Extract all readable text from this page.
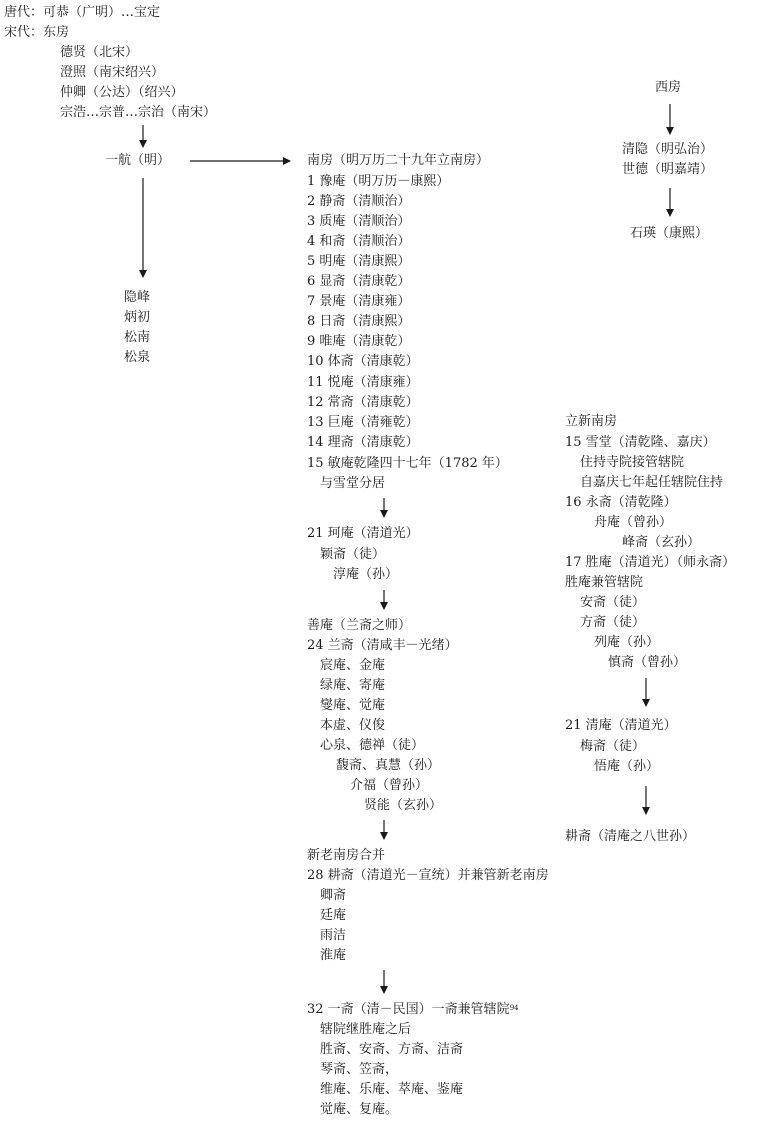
唐代：可恭（广明）…宝定
宋代：东房
德贤（北宋）
澄照（南宋绍兴）
仲卿（公达）（绍兴）
宗浩…宗普…宗治（南宋）
一航（明）
隐峰
炳初
松南
松泉
西房
清隐（明弘治）
世德（明嘉靖）
石瑛（康熙）
南房（明万历二十九年立南房）
1 豫庵（明万历－康熙）
2 静斋（清顺治）
3 质庵（清顺治）
4 和斋（清顺治）
5 明庵（清康熙）
6 显斋（清康乾）
7 景庵（清康雍）
8 日斋（清康熙）
9 唯庵（清康乾）
10 体斋（清康乾）
11 悦庵（清康雍）
12 常斋（清康乾）
13 巨庵（清雍乾）
14 理斋（清康乾）
15 敏庵乾隆四十七年（1782 年）
与雪堂分居
21 珂庵（清道光）
颖斋（徒）
淳庵（孙）
善庵（兰斋之师）
24 兰斋（清咸丰－光绪）
宸庵、金庵
绿庵、寄庵
燮庵、觉庵
本虚、仪俊
心泉、德禅（徒）
馥斋、真慧（孙）
介福（曾孙）
贤能（玄孙）
新老南房合并
28 耕斋（清道光－宣统）并兼管新老南房
卿斋
廷庵
雨洁
淮庵
32 一斋（清－民国）一斋兼管辖院$^{94}$
辖院继胜庵之后
胜斋、安斋、方斋、洁斋
琴斋、笠斋，
维庵、乐庵、萃庵、鉴庵
觉庵、复庵。
立新南房
15 雪堂（清乾隆、嘉庆）
住持寺院接管辖院
自嘉庆七年起任辖院住持
16 永斋（清乾隆）
舟庵（曾孙）
峰斋（玄孙）
17 胜庵（清道光）（师永斋）
胜庵兼管辖院
安斋（徒）
方斋（徒）
列庵（孙）
慎斋（曾孙）
21 清庵（清道光）
梅斋（徒）
悟庵（孙）
耕斋（清庵之八世孙）
